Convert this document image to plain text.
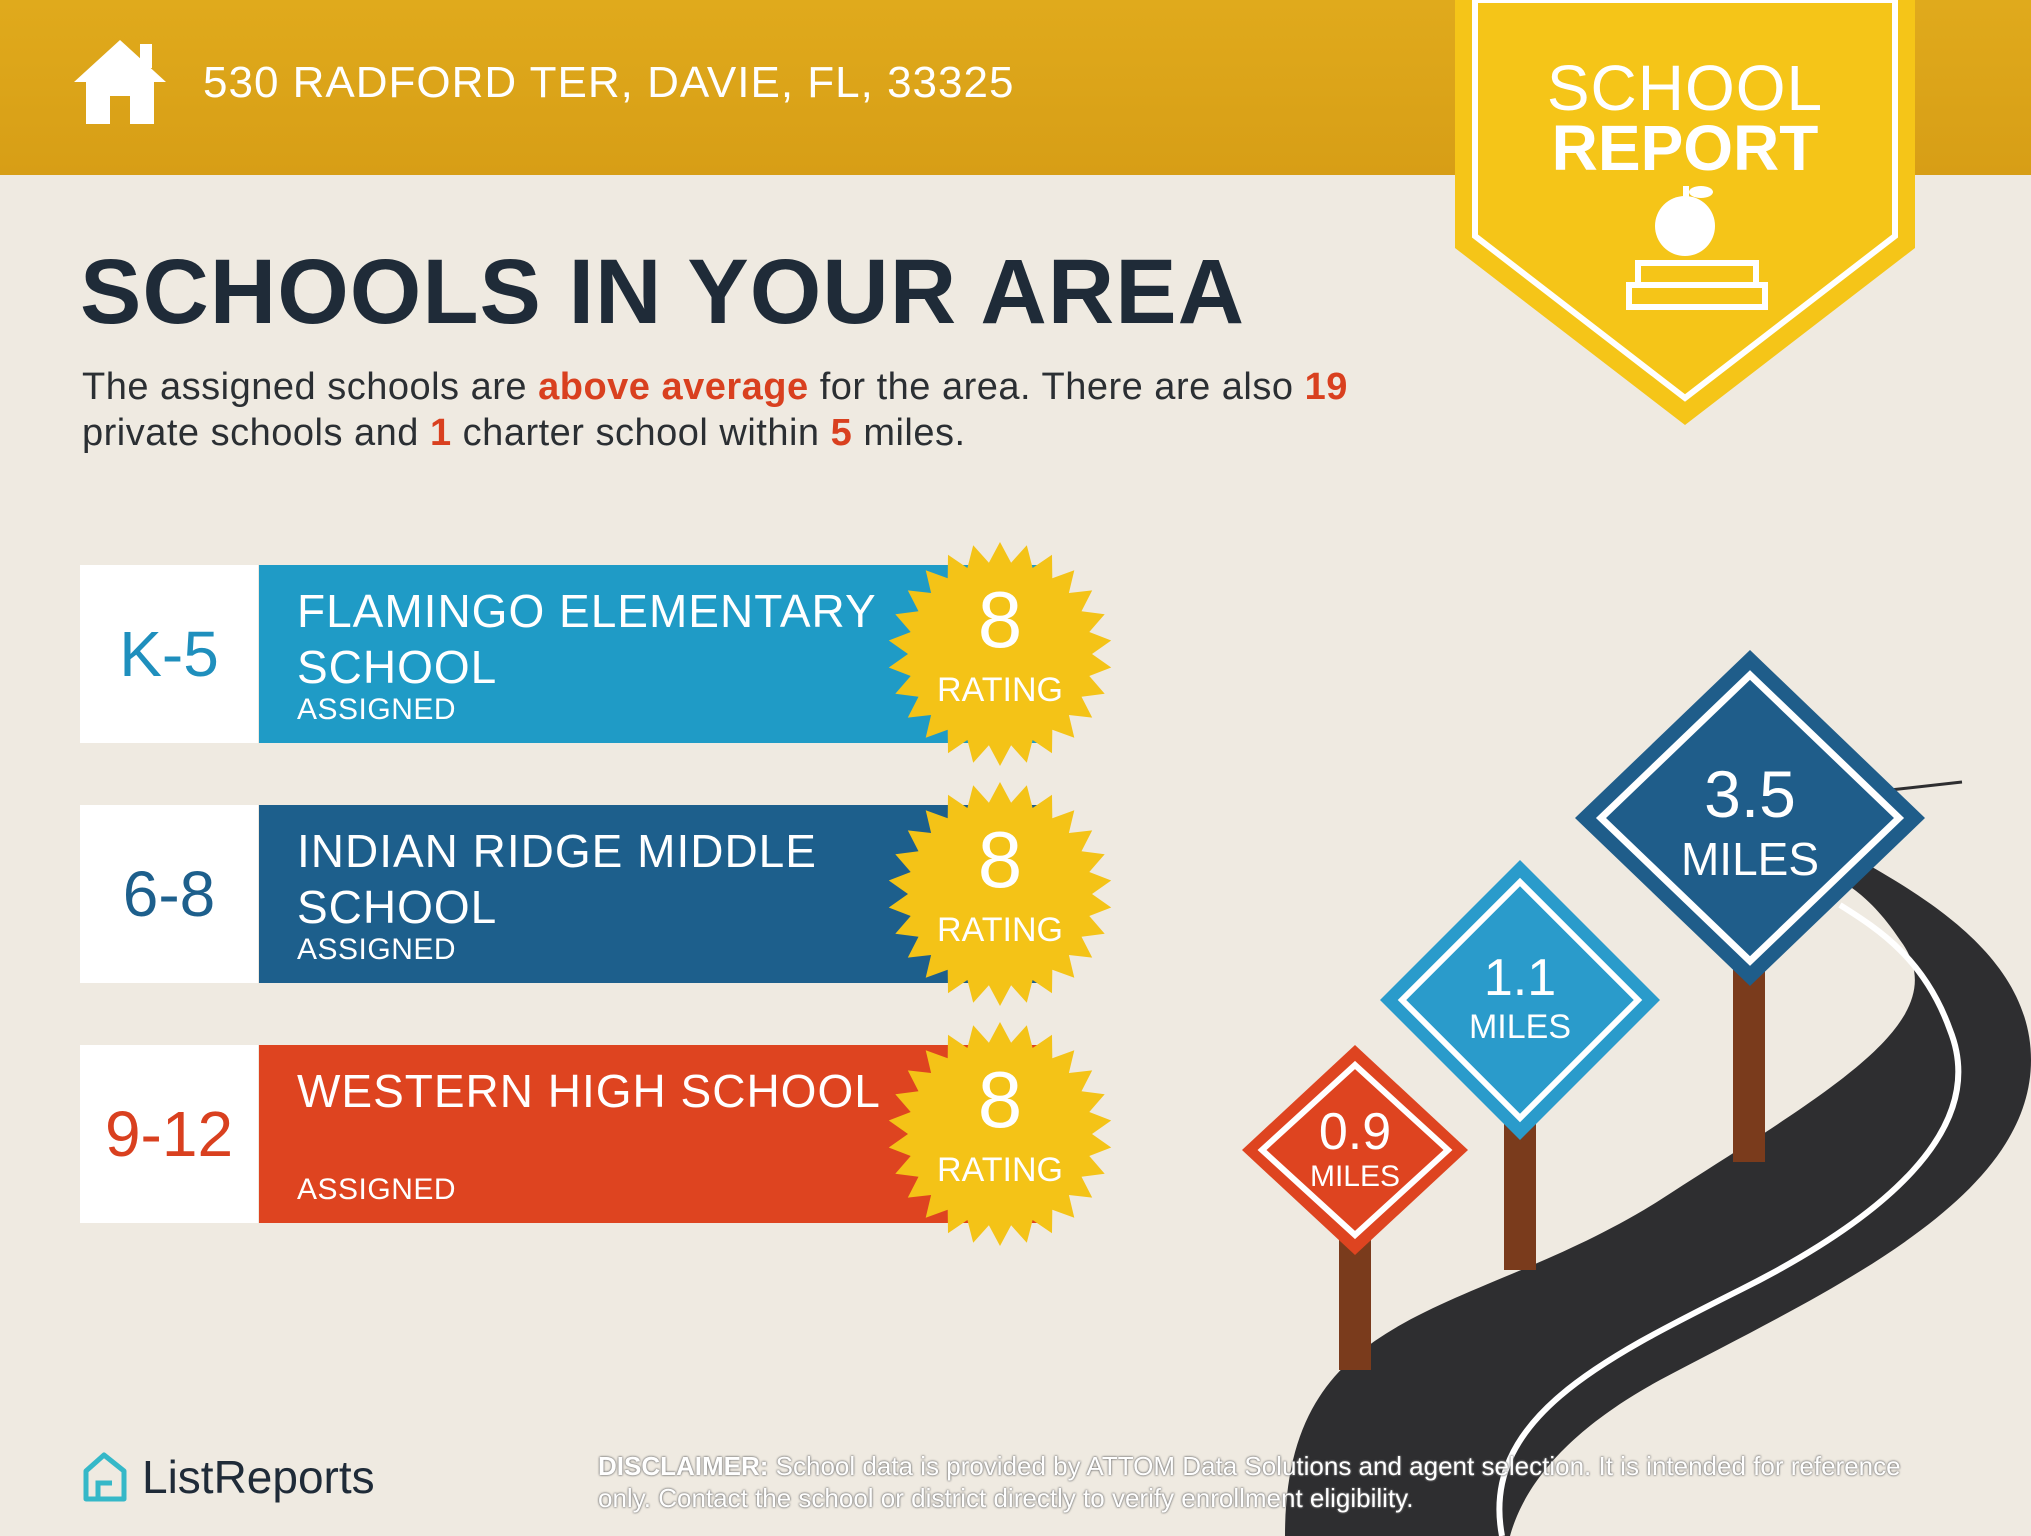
530 RADFORD TER, DAVIE, FL, 33325	SCHOOL
REPORT
SCHOOLS IN YOUR AREA
The assigned schools are above average for the area. There are also 19 private schools and 1 charter school within 5 miles.
K-5
FLAMINGO ELEMENTARY SCHOOL
ASSIGNED
8
RATING
6-8
INDIAN RIDGE MIDDLE SCHOOL
ASSIGNED
8
RATING
9-12
WESTERN HIGH SCHOOL
ASSIGNED
8
RATING
0.9
MILES
1.1
MILES
3.5
MILES
ListReports	DISCLAIMER: School data is provided by ATTOM Data Solutions and agent selection. It is intended for reference only. Contact the school or district directly to verify enrollment eligibility.
